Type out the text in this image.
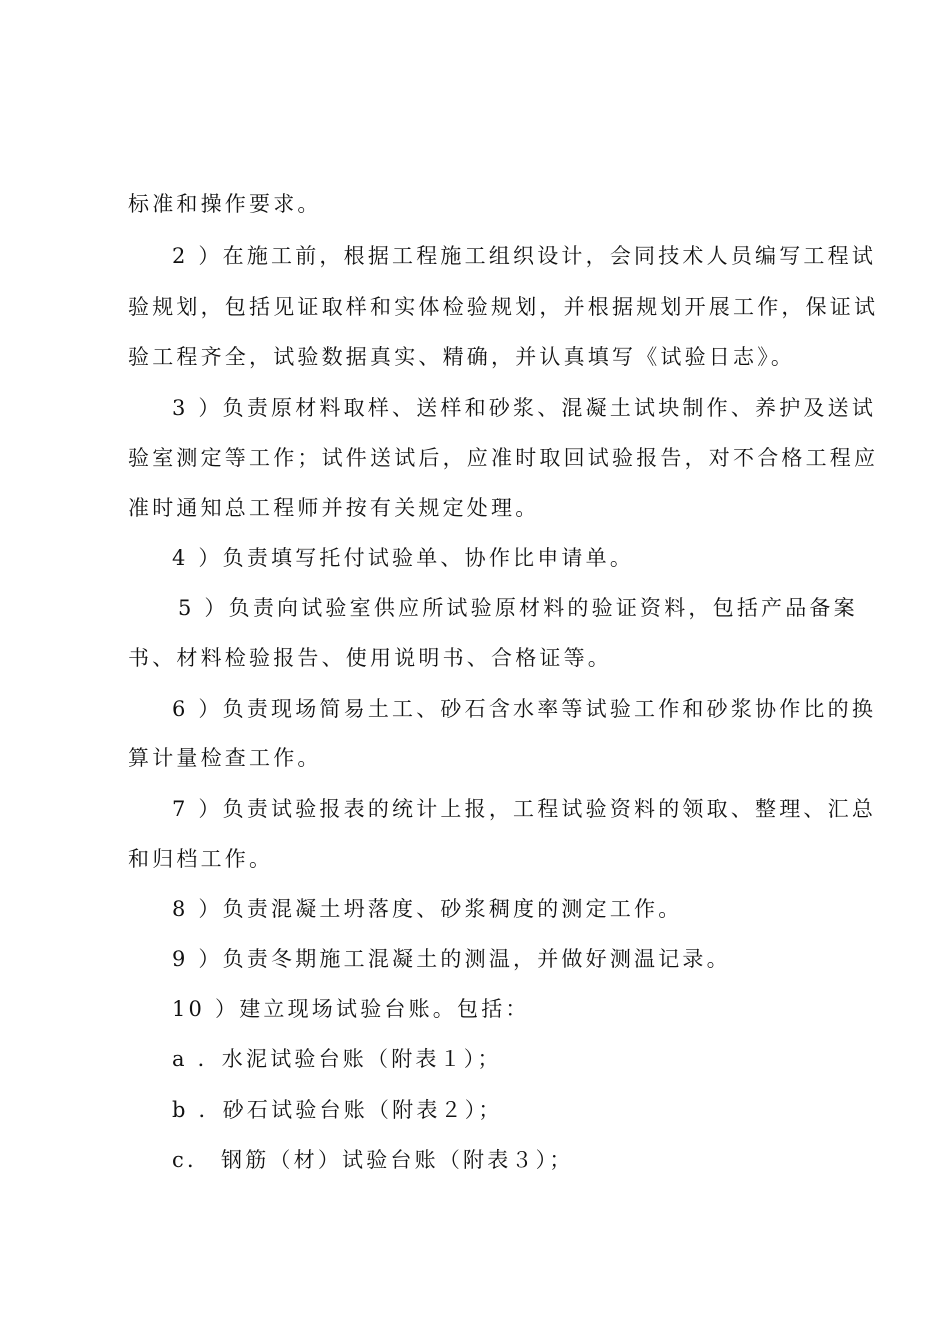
标准和操作要求。
2 ）在施工前，根据工程施工组织设计，会同技术人员编写工程试
验规划，包括见证取样和实体检验规划，并根据规划开展工作，保证试
验工程齐全，试验数据真实、精确，并认真填写《试验日志》。
3 ）负责原材料取样、送样和砂浆、混凝土试块制作、养护及送试
验室测定等工作；试件送试后，应准时取回试验报告，对不合格工程应
准时通知总工程师并按有关规定处理。
4 ）负责填写托付试验单、协作比申请单。
5 ）负责向试验室供应所试验原材料的验证资料，包括产品备案
书、材料检验报告、使用说明书、合格证等。
6 ）负责现场简易土工、砂石含水率等试验工作和砂浆协作比的换
算计量检查工作。
7 ）负责试验报表的统计上报，工程试验资料的领取、整理、汇总
和归档工作。
8 ）负责混凝土坍落度、砂浆稠度的测定工作。
9 ）负责冬期施工混凝土的测温，并做好测温记录。
10 ）建立现场试验台账。包括：
a ．水泥试验台账（附表１）；
b ．砂石试验台账（附表２）；
c． 钢筋（材）试验台账（附表３）；
